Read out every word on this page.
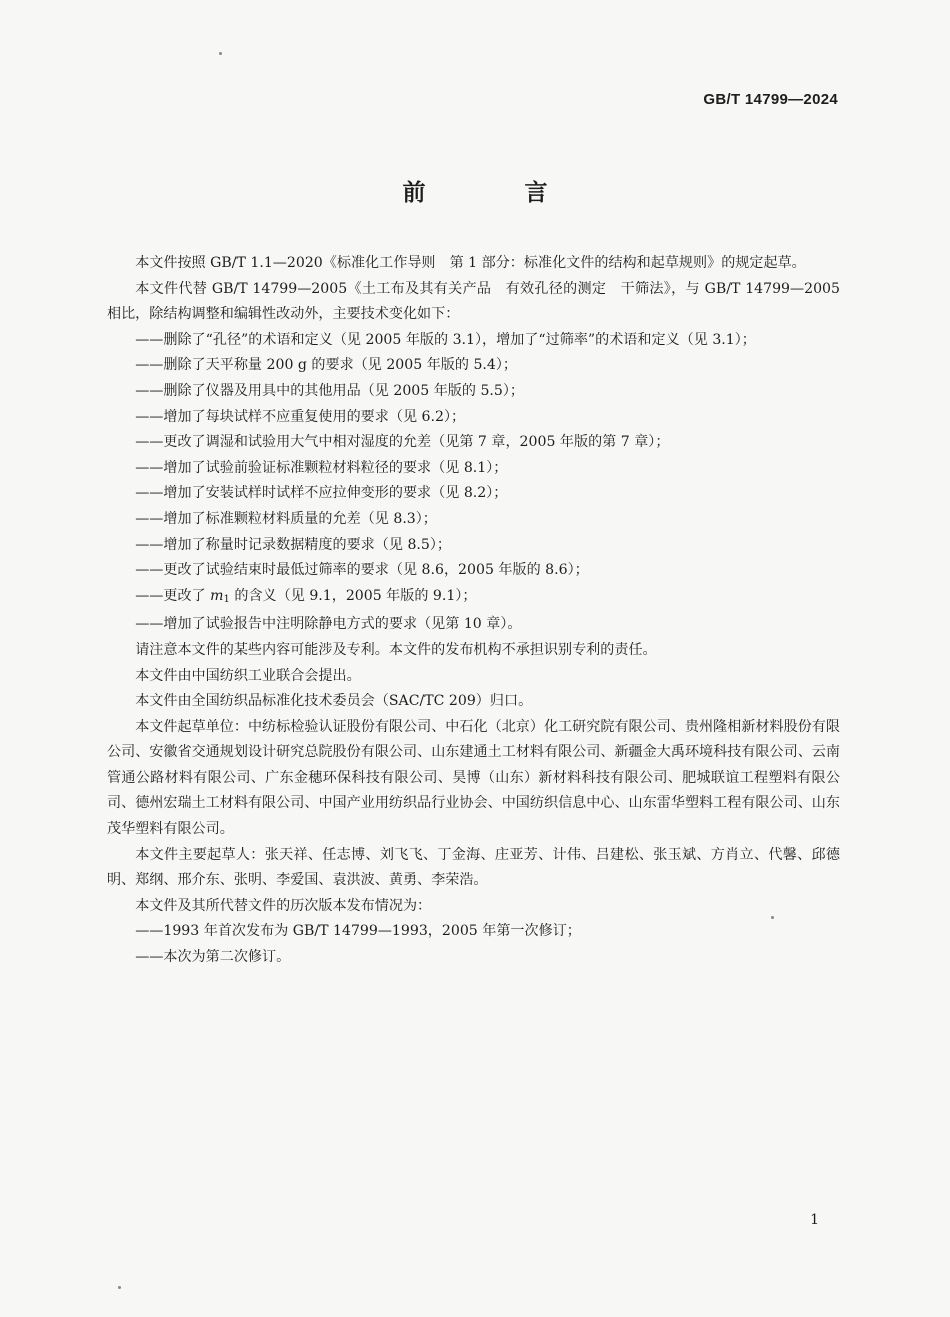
GB/T 14799—2024
前　言

本文件按照 GB/T 1.1—2020《标准化工作导则　第 1 部分：标准化文件的结构和起草规则》的规定起草。

本文件代替 GB/T 14799—2005《土工布及其有关产品　有效孔径的测定　干筛法》，与 GB/T 14799—2005 相比，除结构调整和编辑性改动外，主要技术变化如下：

——删除了“孔径”的术语和定义（见 2005 年版的 3.1），增加了“过筛率”的术语和定义（见 3.1）；

——删除了天平称量 200 g 的要求（见 2005 年版的 5.4）；

——删除了仪器及用具中的其他用品（见 2005 年版的 5.5）；

——增加了每块试样不应重复使用的要求（见 6.2）；

——更改了调湿和试验用大气中相对湿度的允差（见第 7 章，2005 年版的第 7 章）；

——增加了试验前验证标准颗粒材料粒径的要求（见 8.1）；

——增加了安装试样时试样不应拉伸变形的要求（见 8.2）；

——增加了标准颗粒材料质量的允差（见 8.3）；

——增加了称量时记录数据精度的要求（见 8.5）；

——更改了试验结束时最低过筛率的要求（见 8.6，2005 年版的 8.6）；

——更改了 $m_1$ 的含义（见 9.1，2005 年版的 9.1）；

——增加了试验报告中注明除静电方式的要求（见第 10 章）。

请注意本文件的某些内容可能涉及专利。本文件的发布机构不承担识别专利的责任。

本文件由中国纺织工业联合会提出。

本文件由全国纺织品标准化技术委员会（SAC/TC 209）归口。

本文件起草单位：中纺标检验认证股份有限公司、中石化（北京）化工研究院有限公司、贵州隆相新材料股份有限公司、安徽省交通规划设计研究总院股份有限公司、山东建通土工材料有限公司、新疆金大禹环境科技有限公司、云南管通公路材料有限公司、广东金穗环保科技有限公司、昊博（山东）新材料科技有限公司、肥城联谊工程塑料有限公司、德州宏瑞土工材料有限公司、中国产业用纺织品行业协会、中国纺织信息中心、山东雷华塑料工程有限公司、山东茂华塑料有限公司。

本文件主要起草人：张天祥、任志博、刘飞飞、丁金海、庄亚芳、计伟、吕建松、张玉斌、方肖立、代馨、邱德明、郑纲、邢介东、张明、李爱国、袁洪波、黄勇、李荣浩。

本文件及其所代替文件的历次版本发布情况为：

——1993 年首次发布为 GB/T 14799—1993，2005 年第一次修订；

——本次为第二次修订。

1
